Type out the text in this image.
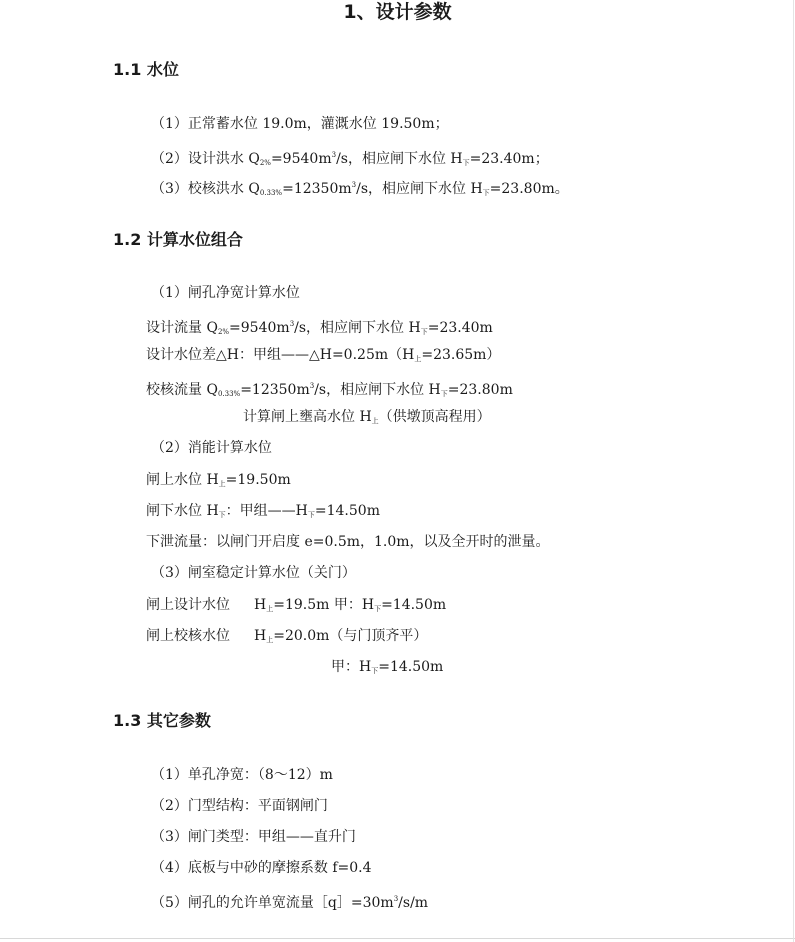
1、设计参数
1.1 水位
（1）正常蓄水位 19.0m，灌溉水位 19.50m；
（2）设计洪水 $Q_{2\%}=9540m^3/s$，相应闸下水位 $H_下=23.40m$；
（3）校核洪水 $Q_{0.33\%}=12350m^3/s$，相应闸下水位 $H_下=23.80m$。
1.2 计算水位组合
（1）闸孔净宽计算水位
设计流量 $Q_{2\%}=9540m^3/s$，相应闸下水位 $H_下=23.40m$
设计水位差△H：甲组$——\triangle H=0.25m(H_上=23.65m)$
校核流量 $Q_{0.33\%}=12350m^3/s$，相应闸下水位 $H_下=23.80m$
计算闸上壅高水位 $H_上$（供墩顶高程用）
（2）消能计算水位
闸上水位 $H_上=19.50m$
闸下水位 $H_下$：甲组$——H_下=14.50m$
下泄流量：以闸门开启度 e=0.5m，1.0m，以及全开时的泄量。
（3）闸室稳定计算水位（关门）
闸上设计水位 $H_上=19.5m$ 甲：$H_下=14.50m$
闸上校核水位 $H_上=20.0m$（与门顶齐平）
甲：$H_下=14.50m$
1.3 其它参数
（1）单孔净宽：（8～12）m
（2）门型结构：平面钢闸门
（3）闸门类型：甲组——直升门
（4）底板与中砂的摩擦系数 f=0.4
（5）闸孔的允许单宽流量$[q]=30m^3/s/m$
